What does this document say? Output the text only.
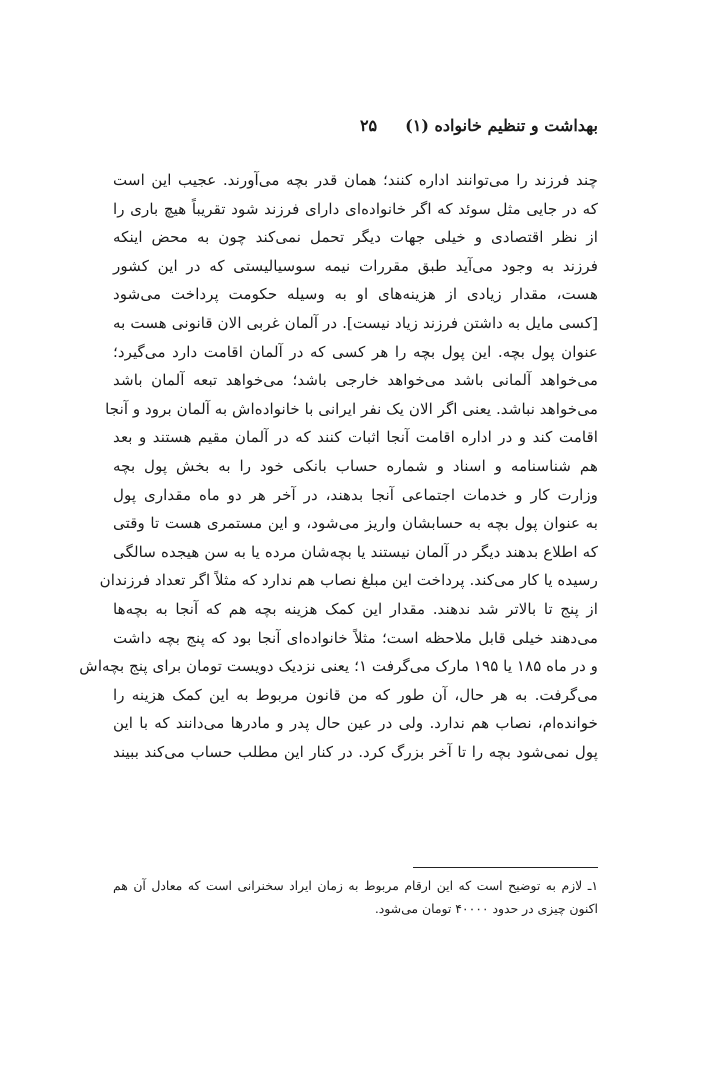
بهداشت و تنظیم خانواده (۱)
۲۵
چند فرزند را می‌توانند اداره کنند؛ همان قدر بچه می‌آورند. عجیب این است
که در جایی مثل سوئد که اگر خانواده‌ای دارای فرزند شود تقریباً هیچ باری را
از نظر اقتصادی و خیلی جهات دیگر تحمل نمی‌کند چون به محض اینکه
فرزند به وجود می‌آید طبق مقررات نیمه سوسیالیستی که در این کشور
هست، مقدار زیادی از هزینه‌های او به وسیله حکومت پرداخت می‌شود
[کسی مایل به داشتن فرزند زیاد نیست]. در آلمان غربی الان قانونی هست به
عنوان پول بچه. این پول بچه را هر کسی که در آلمان اقامت دارد می‌گیرد؛
می‌خواهد آلمانی باشد می‌خواهد خارجی باشد؛ می‌خواهد تبعه آلمان باشد
می‌خواهد نباشد. یعنی اگر الان یک نفر ایرانی با خانواده‌اش به آلمان برود و آنجا
اقامت کند و در اداره اقامت آنجا اثبات کنند که در آلمان مقیم هستند و بعد
هم شناسنامه و اسناد و شماره حساب بانکی خود را به بخش پول بچه
وزارت کار و خدمات اجتماعی آنجا بدهند، در آخر هر دو ماه مقداری پول
به عنوان پول بچه به حسابشان واریز می‌شود، و این مستمری هست تا وقتی
که اطلاع بدهند دیگر در آلمان نیستند یا بچه‌شان مرده یا به سن هیجده سالگی
رسیده یا کار می‌کند. پرداخت این مبلغ نصاب هم ندارد که مثلاً اگر تعداد فرزندان
از پنج تا بالاتر شد ندهند. مقدار این کمک هزینه بچه هم که آنجا به بچه‌ها
می‌دهند خیلی قابل ملاحظه است؛ مثلاً خانواده‌ای آنجا بود که پنج بچه داشت
و در ماه ۱۸۵ یا ۱۹۵ مارک می‌گرفت ۱؛ یعنی نزدیک دویست تومان برای پنج بچه‌اش
می‌گرفت. به هر حال، آن طور که من قانون مربوط به این کمک هزینه را
خوانده‌ام، نصاب هم ندارد. ولی در عین حال پدر و مادرها می‌دانند که با این
پول نمی‌شود بچه را تا آخر بزرگ کرد. در کنار این مطلب حساب می‌کند ببیند
۱ـ لازم به توضیح است که این ارقام مربوط به زمان ایراد سخنرانی است که معادل آن هم
اکنون چیزی در حدود ۴۰۰۰۰ تومان می‌شود.
